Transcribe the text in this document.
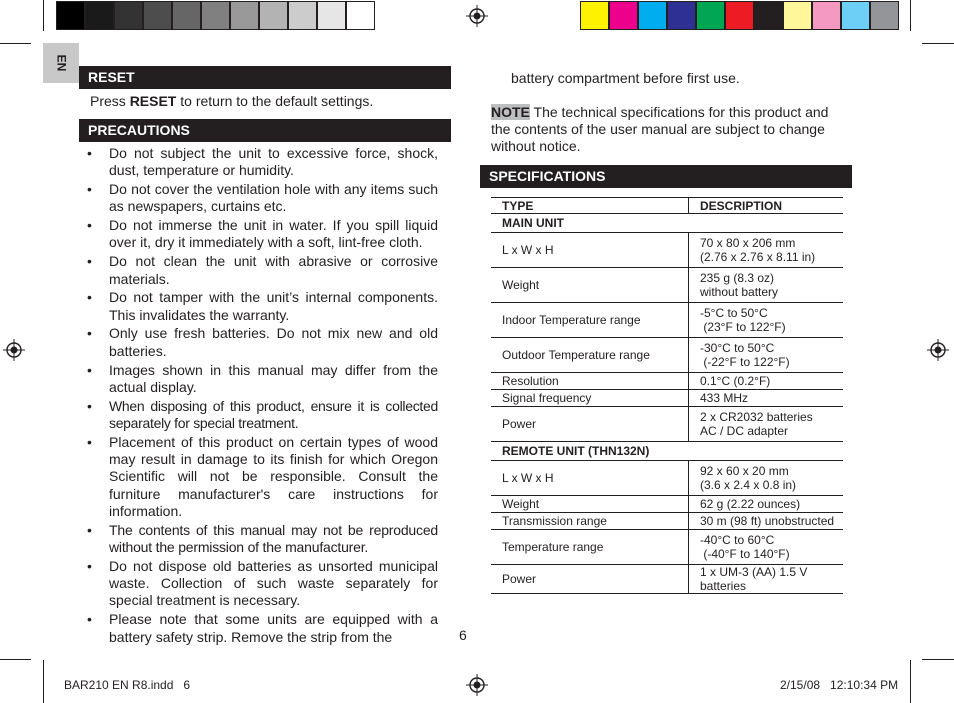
EN
RESET
Press RESET to return to the default settings.
PRECAUTIONS
• Do not subject the unit to excessive force, shock, dust, temperature or humidity.
• Do not cover the ventilation hole with any items such as newspapers, curtains etc.
• Do not immerse the unit in water. If you spill liquid over it, dry it immediately with a soft, lint-free cloth.
• Do not clean the unit with abrasive or corrosive materials.
• Do not tamper with the unit’s internal components. This invalidates the warranty.
• Only use fresh batteries. Do not mix new and old batteries.
• Images shown in this manual may differ from the actual display.
• When disposing of this product, ensure it is collected separately for special treatment.
• Placement of this product on certain types of wood may result in damage to its finish for which Oregon Scientific will not be responsible. Consult the furniture manufacturer's care instructions for information.
• The contents of this manual may not be reproduced without the permission of the manufacturer.
• Do not dispose old batteries as unsorted municipal waste. Collection of such waste separately for special treatment is necessary.
• Please note that some units are equipped with a battery safety strip. Remove the strip from the
battery compartment before first use.
NOTE The technical specifications for this product and the contents of the user manual are subject to change without notice.
SPECIFICATIONS
TYPE	DESCRIPTION
MAIN UNIT	
L x W x H	70 x 80 x 206 mm
(2.76 x 2.76 x 8.11 in)
Weight	235 g (8.3 oz)
without battery
Indoor Temperature range	-5°C to 50°C
(23°F to 122°F)
Outdoor Temperature range	-30°C to 50°C
(-22°F to 122°F)
Resolution	0.1°C (0.2°F)
Signal frequency	433 MHz
Power	2 x CR2032 batteries
AC / DC adapter
REMOTE UNIT (THN132N)	
L x W x H	92 x 60 x 20 mm
(3.6 x 2.4 x 0.8 in)
Weight	62 g (2.22 ounces)
Transmission range	30 m (98 ft) unobstructed
Temperature range	-40°C to 60°C
(-40°F to 140°F)
Power	1 x UM-3 (AA) 1.5 V batteries
6
BAR210 EN R8.indd   6	2/15/08   12:10:34 PM
